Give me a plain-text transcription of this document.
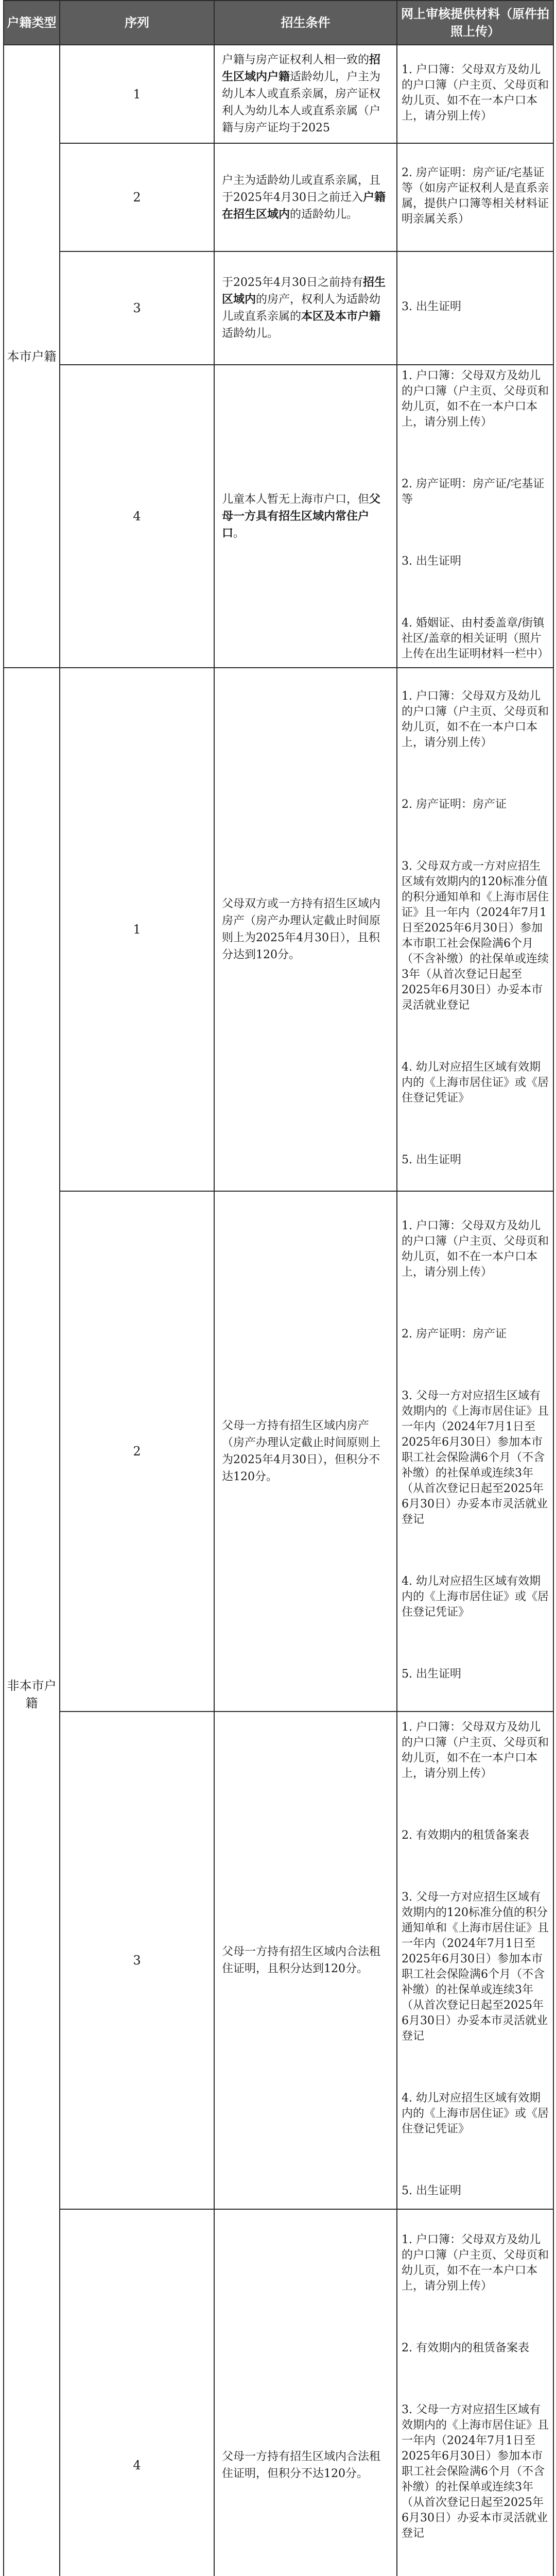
户籍类型	序列	招生条件	网上审核提供材料（原件拍照上传）
本市户籍	1	户籍与房产证权利人相一致的招生区域内户籍适龄幼儿，户主为幼儿本人或直系亲属，房产证权利人为幼儿本人或直系亲属（户籍与房产证均于2025	1. 户口簿：父母双方及幼儿的户口簿（户主页、父母页和幼儿页、如不在一本户口本上，请分别上传）

	2	户主为适龄幼儿或直系亲属，且于2025年4月30日之前迁入户籍在招生区域内的适龄幼儿。	2. 房产证明：房产证/宅基证等（如房产证权利人是直系亲属，提供户口簿等相关材料证明亲属关系）

	3	于2025年4月30日之前持有招生区域内的房产，权利人为适龄幼儿或直系亲属的本区及本市户籍适龄幼儿。	3. 出生证明

	4	儿童本人暂无上海市户口，但父母一方具有招生区域内常住户口。	1. 户口簿：父母双方及幼儿的户口簿（户主页、父母页和幼儿页，如不在一本户口本上，请分别上传）
2. 房产证明：房产证/宅基证等
3. 出生证明
4. 婚姻证、由村委盖章/街镇社区/盖章的相关证明（照片上传在出生证明材料一栏中）

非本市户籍	1	父母双方或一方持有招生区域内房产（房产办理认定截止时间原则上为2025年4月30日），且积分达到120分。	1. 户口簿：父母双方及幼儿的户口簿（户主页、父母页和幼儿页，如不在一本户口本上，请分别上传）
2. 房产证明：房产证
3. 父母双方或一方对应招生区域有效期内的120标准分值的积分通知单和《上海市居住证》且一年内（2024年7月1日至2025年6月30日）参加本市职工社会保险满6个月（不含补缴）的社保单或连续3年（从首次登记日起至2025年6月30日）办妥本市灵活就业登记
4. 幼儿对应招生区域有效期内的《上海市居住证》或《居住登记凭证》
5. 出生证明

	2	父母一方持有招生区域内房产（房产办理认定截止时间原则上为2025年4月30日），但积分不达120分。	1. 户口簿：父母双方及幼儿的户口簿（户主页、父母页和幼儿页，如不在一本户口本上，请分别上传）
2. 房产证明：房产证
3. 父母一方对应招生区域有效期内的《上海市居住证》且一年内（2024年7月1日至2025年6月30日）参加本市职工社会保险满6个月（不含补缴）的社保单或连续3年（从首次登记日起至2025年6月30日）办妥本市灵活就业登记
4. 幼儿对应招生区域有效期内的《上海市居住证》或《居住登记凭证》
5. 出生证明

	3	父母一方持有招生区域内合法租住证明，且积分达到120分。	1. 户口簿：父母双方及幼儿的户口簿（户主页、父母页和幼儿页，如不在一本户口本上，请分别上传）
2. 有效期内的租赁备案表
3. 父母一方对应招生区域有效期内的120标准分值的积分通知单和《上海市居住证》且一年内（2024年7月1日至2025年6月30日）参加本市职工社会保险满6个月（不含补缴）的社保单或连续3年（从首次登记日起至2025年6月30日）办妥本市灵活就业登记
4. 幼儿对应招生区域有效期内的《上海市居住证》或《居住登记凭证》
5. 出生证明

	4	父母一方持有招生区域内合法租住证明，但积分不达120分。	1. 户口簿：父母双方及幼儿的户口簿（户主页、父母页和幼儿页，如不在一本户口本上，请分别上传）
2. 有效期内的租赁备案表
3. 父母一方对应招生区域有效期内的《上海市居住证》且一年内（2024年7月1日至2025年6月30日）参加本市职工社会保险满6个月（不含补缴）的社保单或连续3年（从首次登记日起至2025年6月30日）办妥本市灵活就业登记
